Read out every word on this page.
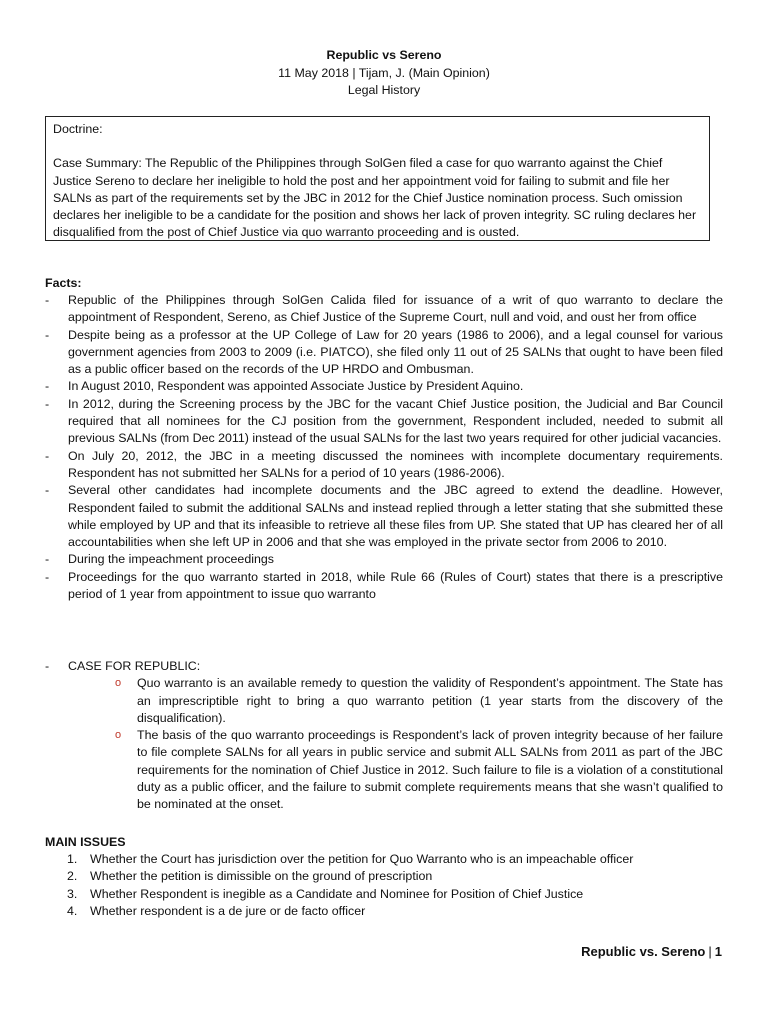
Republic vs Sereno
11 May 2018 | Tijam, J. (Main Opinion)
Legal History

Doctrine:

Case Summary: The Republic of the Philippines through SolGen filed a case for quo warranto against the Chief Justice Sereno to declare her ineligible to hold the post and her appointment void for failing to submit and file her SALNs as part of the requirements set by the JBC in 2012 for the Chief Justice nomination process. Such omission declares her ineligible to be a candidate for the position and shows her lack of proven integrity. SC ruling declares her disqualified from the post of Chief Justice via quo warranto proceeding and is ousted.

Facts:
- Republic of the Philippines through SolGen Calida filed for issuance of a writ of quo warranto to declare the appointment of Respondent, Sereno, as Chief Justice of the Supreme Court, null and void, and oust her from office
- Despite being as a professor at the UP College of Law for 20 years (1986 to 2006), and a legal counsel for various government agencies from 2003 to 2009 (i.e. PIATCO), she filed only 11 out of 25 SALNs that ought to have been filed as a public officer based on the records of the UP HRDO and Ombusman.
- In August 2010, Respondent was appointed Associate Justice by President Aquino.
- In 2012, during the Screening process by the JBC for the vacant Chief Justice position, the Judicial and Bar Council required that all nominees for the CJ position from the government, Respondent included, needed to submit all previous SALNs (from Dec 2011) instead of the usual SALNs for the last two years required for other judicial vacancies.
- On July 20, 2012, the JBC in a meeting discussed the nominees with incomplete documentary requirements. Respondent has not submitted her SALNs for a period of 10 years (1986-2006).
- Several other candidates had incomplete documents and the JBC agreed to extend the deadline. However, Respondent failed to submit the additional SALNs and instead replied through a letter stating that she submitted these while employed by UP and that its infeasible to retrieve all these files from UP. She stated that UP has cleared her of all accountabilities when she left UP in 2006 and that she was employed in the private sector from 2006 to 2010.
- During the impeachment proceedings
- Proceedings for the quo warranto started in 2018, while Rule 66 (Rules of Court) states that there is a prescriptive period of 1 year from appointment to issue quo warranto
- CASE FOR REPUBLIC:
o Quo warranto is an available remedy to question the validity of Respondent’s appointment. The State has an imprescriptible right to bring a quo warranto petition (1 year starts from the discovery of the disqualification).
o The basis of the quo warranto proceedings is Respondent’s lack of proven integrity because of her failure to file complete SALNs for all years in public service and submit ALL SALNs from 2011 as part of the JBC requirements for the nomination of Chief Justice in 2012. Such failure to file is a violation of a constitutional duty as a public officer, and the failure to submit complete requirements means that she wasn’t qualified to be nominated at the onset.
MAIN ISSUES
1. Whether the Court has jurisdiction over the petition for Quo Warranto who is an impeachable officer
2. Whether the petition is dimissible on the ground of prescription
3. Whether Respondent is inegible as a Candidate and Nominee for Position of Chief Justice
4. Whether respondent is a de jure or de facto officer
Republic vs. Sereno | 1
